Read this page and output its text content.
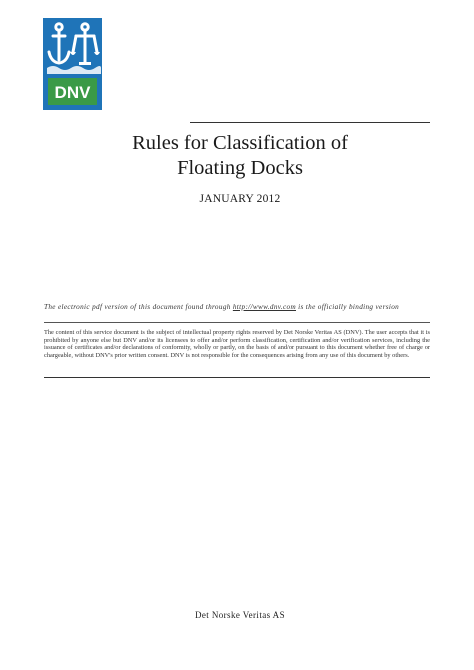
DNV
Rules for Classification of
Floating Docks
JANUARY 2012
The electronic pdf version of this document found through http://www.dnv.com is the officially binding version
The content of this service document is the subject of intellectual property rights reserved by Det Norske Veritas AS (DNV). The user accepts that it is prohibited by anyone else but DNV and/or its licensees to offer and/or perform classification, certification and/or verification services, including the issuance of certificates and/or declarations of conformity, wholly or partly, on the basis of and/or pursuant to this document whether free of charge or chargeable, without DNV's prior written consent. DNV is not responsible for the consequences arising from any use of this document by others.
Det Norske Veritas AS
